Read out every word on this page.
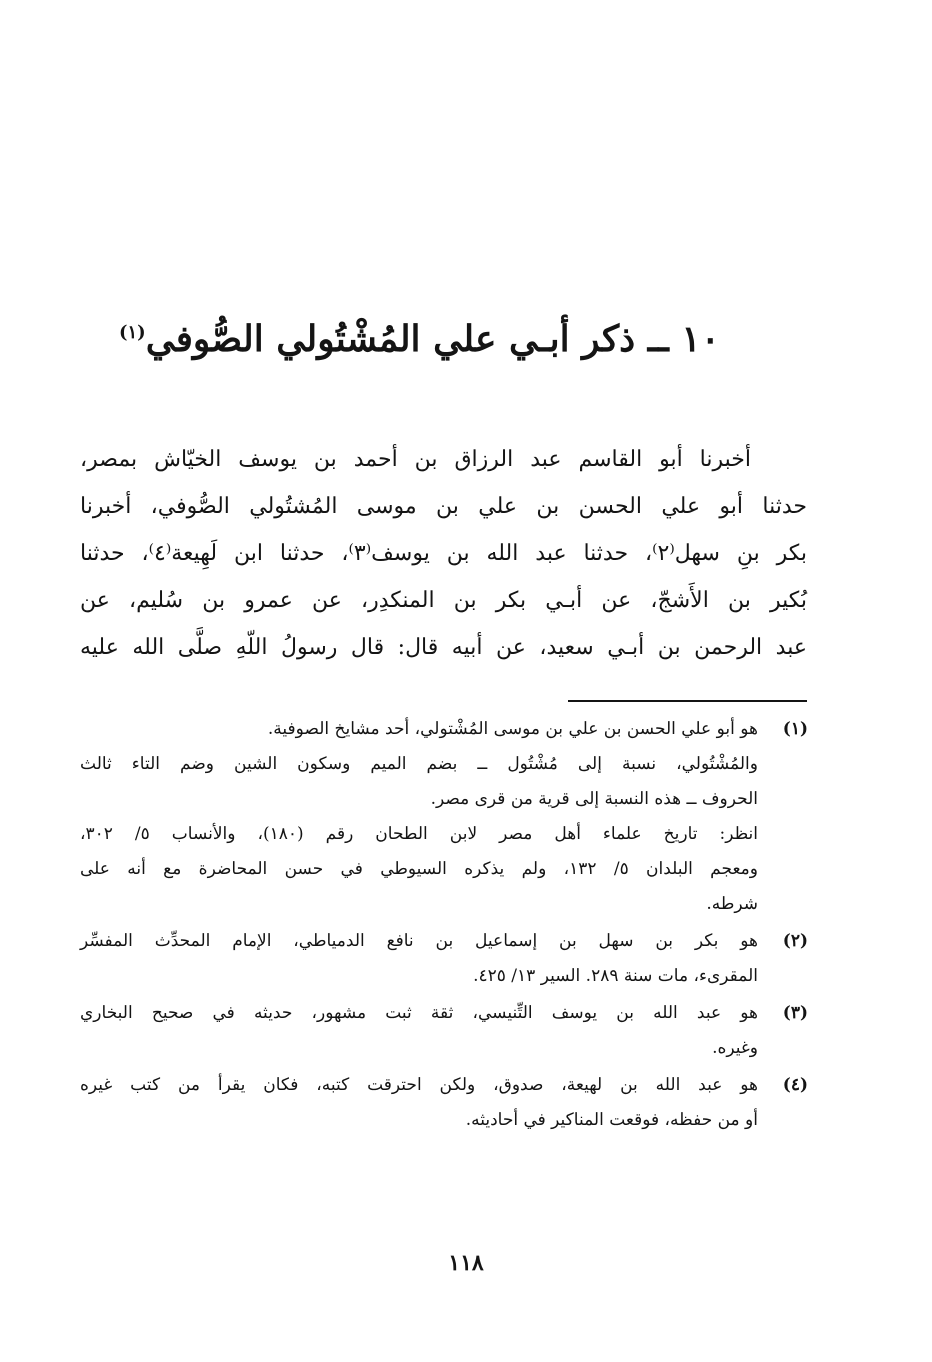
١٠ ــ ذكر أبـي علي المُشْتُولي الصُّوفي$^{(١)}$
أخبرنا أبو القاسم عبد الرزاق بن أحمد بن يوسف الخيّاش بمصر،
حدثنا أبو علي الحسن بن علي بن موسى المُشتُولي الصُّوفي، أخبرنا
بكر بنِ سهل⁽٢⁾، حدثنا عبد الله بن يوسف⁽٣⁾، حدثنا ابن لَهِيعة⁽٤⁾، حدثنا
بُكير بن الأَشجّ، عن أبـي بكر بن المنكدِر، عن عمرو بن سُليم، عن
عبد الرحمن بن أبـي سعيد، عن أبيه قال: قال رسولُ اللّهِ صلَّى الله عليه
(١)
هو أبو علي الحسن بن علي بن موسى المُشْتولي، أحد مشايخ الصوفية.
والمُشْتُولي، نسبة إلى مُشْتُول ــ بضم الميم وسكون الشين وضم التاء ثالث
الحروف ــ هذه النسبة إلى قرية من قرى مصر.
انظر: تاريخ علماء أهل مصر لابن الطحان رقم (١٨٠)، والأنساب ٥/ ٣٠٢،
ومعجم البلدان ٥/ ١٣٢، ولم يذكره السيوطي في حسن المحاضرة مع أنه على
شرطه.
(٢)
هو بكر بن سهل بن إسماعيل بن نافع الدمياطي، الإمام المحدِّث المفسِّر
المقرىء، مات سنة ٢٨٩. السير ١٣/ ٤٢٥.
(٣)
هو عبد الله بن يوسف التِّنيسي، ثقة ثبت مشهور، حديثه في صحيح البخاري
وغيره.
(٤)
هو عبد الله بن لهيعة، صدوق، ولكن احترقت كتبه، فكان يقرأ من كتب غيره
أو من حفظه، فوقعت المناكير في أحاديثه.
١١٨
